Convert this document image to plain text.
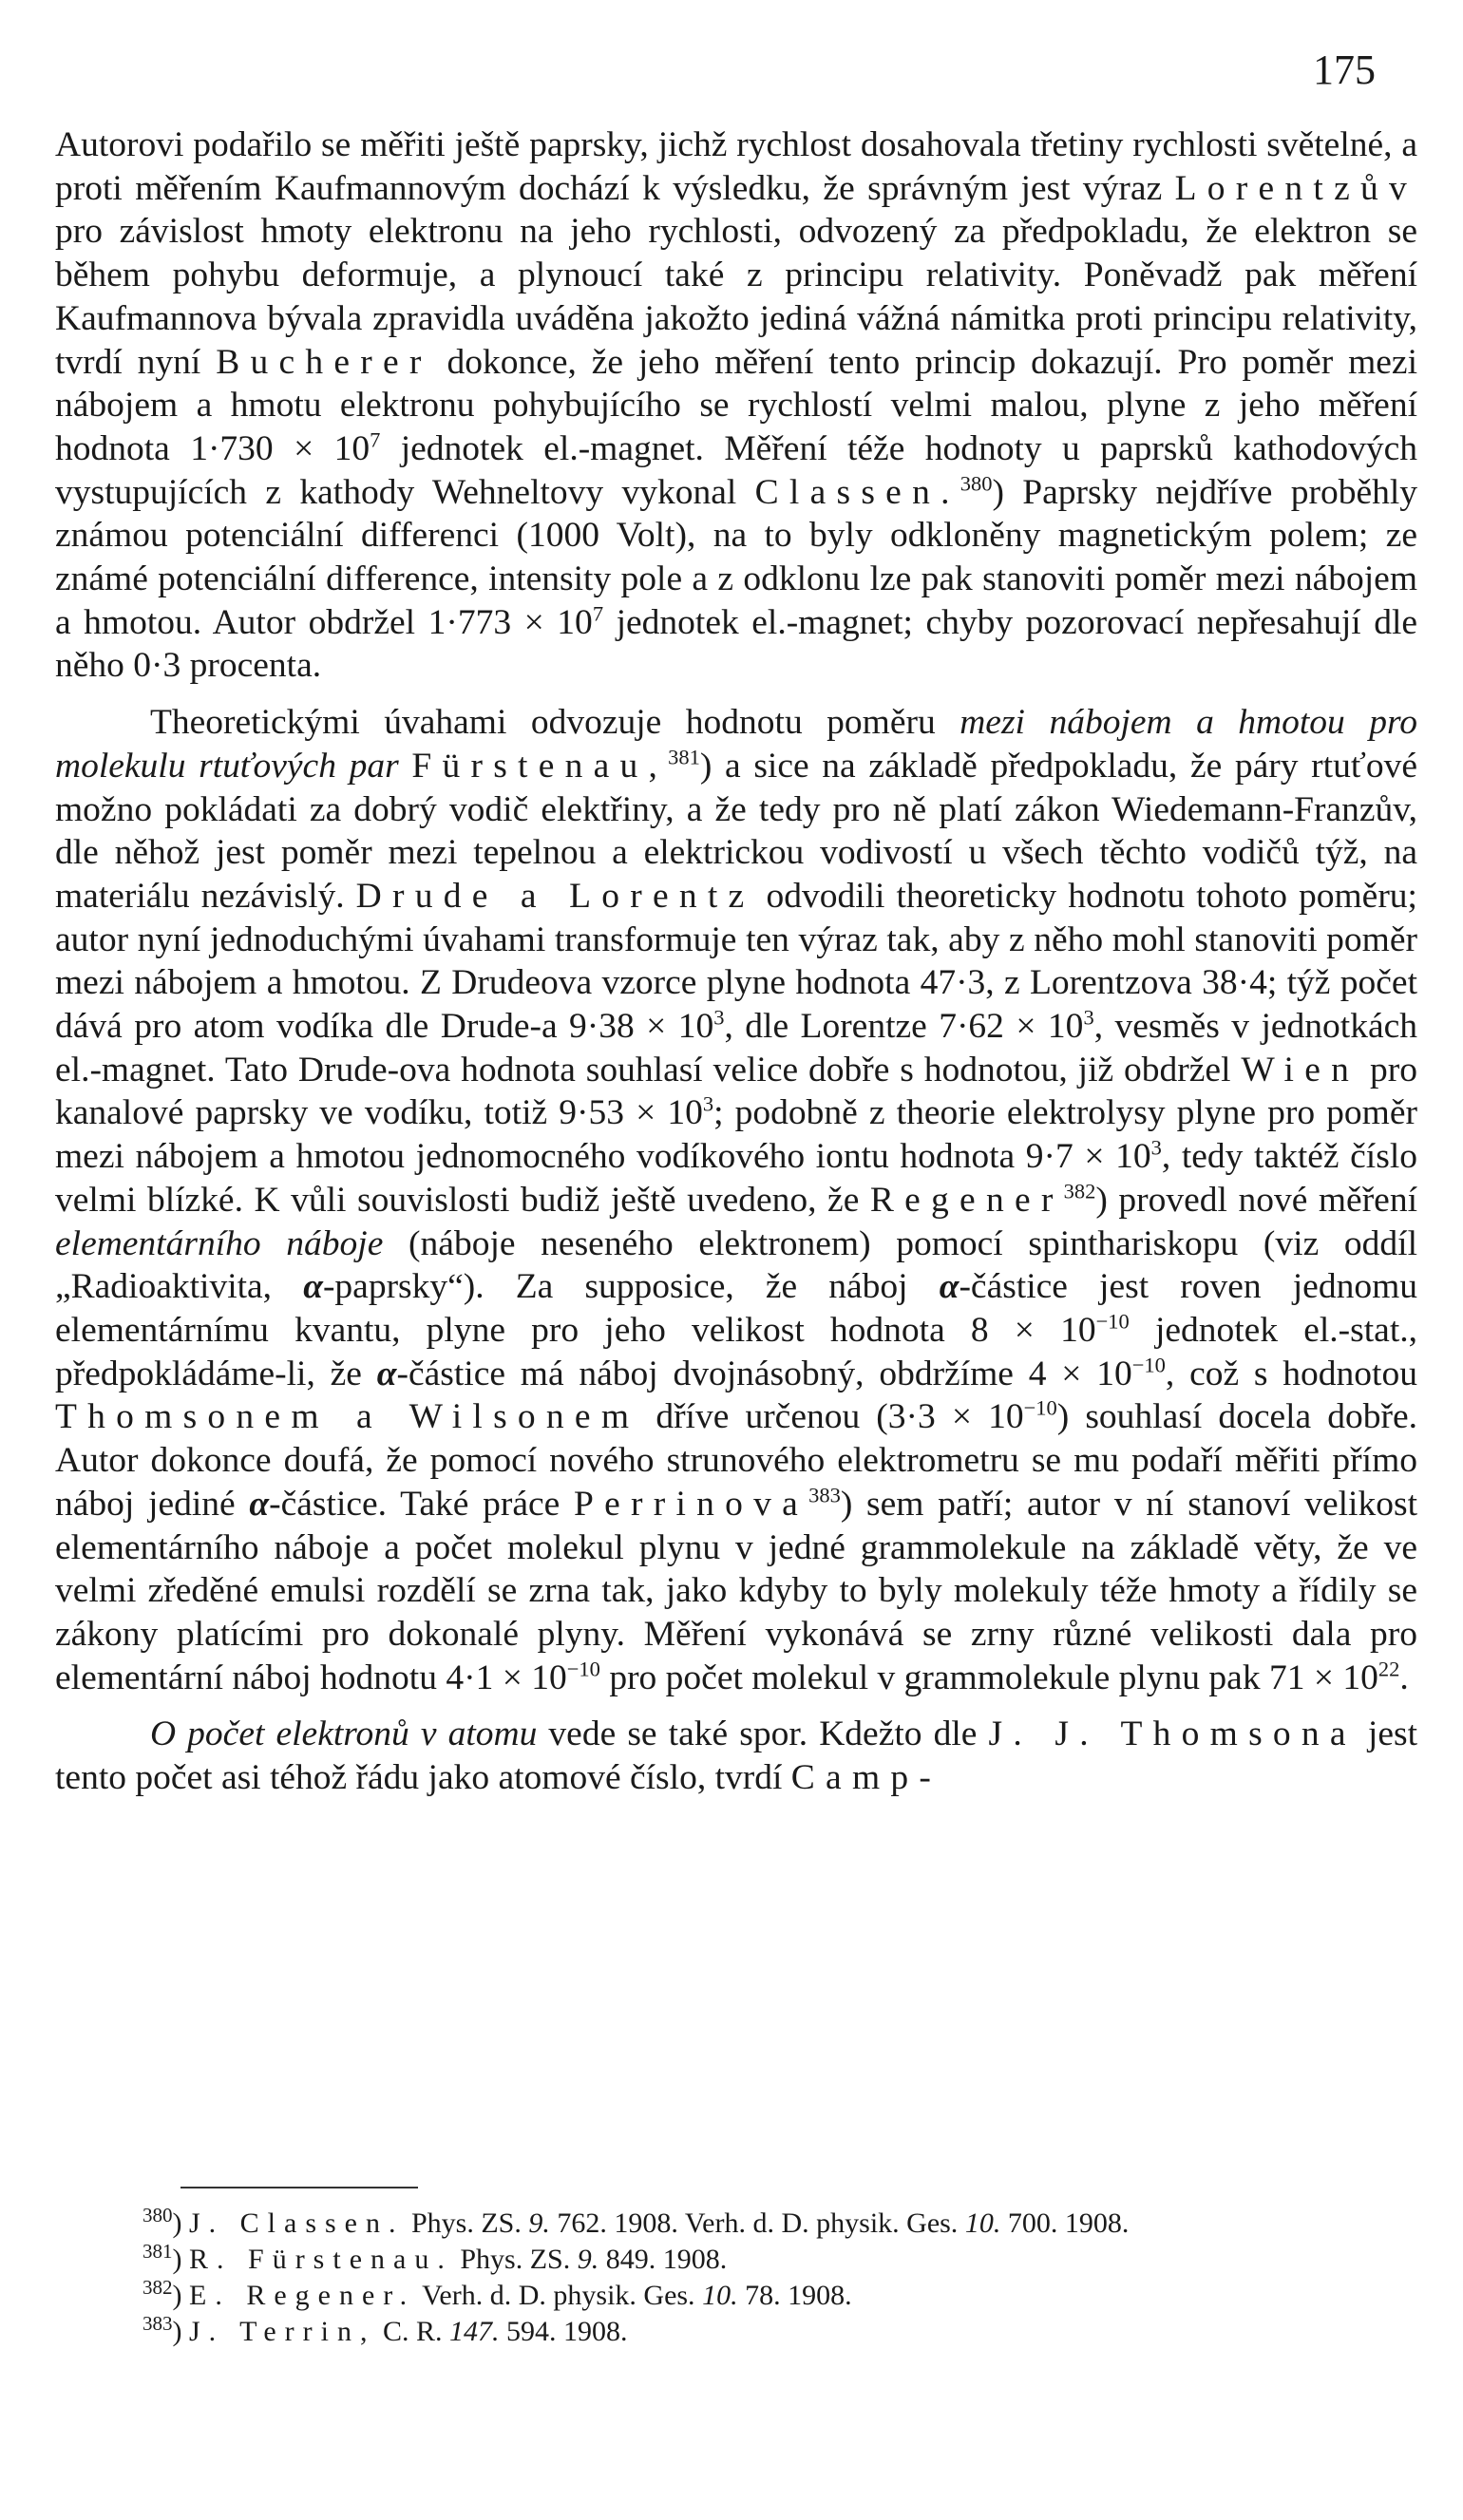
175

Autorovi podařilo se měřiti ještě paprsky, jichž rychlost dosahovala třetiny rychlosti světelné, a proti měřením Kaufmannovým dochází k výsledku, že správným jest výraz Lorentzův pro závislost hmoty elektronu na jeho rychlosti, odvozený za předpokladu, že elektron se během pohybu deformuje, a plynoucí také z principu relativity. Poněvadž pak měření Kaufmannova bývala zpravidla uváděna jakožto jediná vážná námitka proti principu relativity, tvrdí nyní Bucherer dokonce, že jeho měření tento princip dokazují. Pro poměr mezi nábojem a hmotu elektronu pohybujícího se rychlostí velmi malou, plyne z jeho měření hodnota $1\cdot 730 \times 10^7$ jednotek el.-magnet. Měření téže hodnoty u paprsků kathodových vystupujících z kathody Wehneltovy vykonal Classen.$^{380}$) Paprsky nejdříve proběhly známou potenciální differenci (1000 Volt), na to byly odkloněny magnetickým polem; ze známé potenciální difference, intensity pole a z odklonu lze pak stanoviti poměr mezi nábojem a hmotou. Autor obdržel $1\cdot 773 \times 10^7$ jednotek el.-magnet; chyby pozorovací nepřesahují dle něho 0·3 procenta.

Theoretickými úvahami odvozuje hodnotu poměru mezi nábojem a hmotou pro molekulu rtuťových par Fürstenau,$^{381}$) a sice na základě předpokladu, že páry rtuťové možno pokládati za dobrý vodič elektřiny, a že tedy pro ně platí zákon Wiedemann-Franzův, dle něhož jest poměr mezi tepelnou a elektrickou vodivostí u všech těchto vodičů týž, na materiálu nezávislý. Drude a Lorentz odvodili theoreticky hodnotu tohoto poměru; autor nyní jednoduchými úvahami transformuje ten výraz tak, aby z něho mohl stanoviti poměr mezi nábojem a hmotou. Z Drudeova vzorce plyne hodnota 47·3, z Lorentzova 38·4; týž počet dává pro atom vodíka dle Drude-a $9\cdot 38 \times 10^3$, dle Lorentze $7\cdot 62 \times 10^3$, vesměs v jednotkách el.-magnet. Tato Drude-ova hodnota souhlasí velice dobře s hodnotou, již obdržel Wien pro kanalové paprsky ve vodíku, totiž $9\cdot 53 \times 10^3$; podobně z theorie elektrolysy plyne pro poměr mezi nábojem a hmotou jednomocného vodíkového iontu hodnota $9\cdot 7 \times 10^3$, tedy taktéž číslo velmi blízké. K vůli souvislosti budiž ještě uvedeno, že Regener$^{382}$) provedl nové měření elementárního náboje (náboje neseného elektronem) pomocí spinthariskopu (viz oddíl „Radioaktivita, α-paprsky“). Za supposice, že náboj α-částice jest roven jednomu elementárnímu kvantu, plyne pro jeho velikost hodnota $8 \times 10^{-10}$ jednotek el.-stat., předpokládáme-li, že α-částice má náboj dvojnásobný, obdržíme $4 \times 10^{-10}$, což s hodnotou Thomsonem a Wilsonem dříve určenou $(3\cdot 3 \times 10^{-10})$ souhlasí docela dobře. Autor dokonce doufá, že pomocí nového strunového elektrometru se mu podaří měřiti přímo náboj jediné α-částice. Také práce Perrinova$^{383}$) sem patří; autor v ní stanoví velikost elementárního náboje a počet molekul plynu v jedné grammolekule na základě věty, že ve velmi zředěné emulsi rozdělí se zrna tak, jako kdyby to byly molekuly téže hmoty a řídily se zákony platícími pro dokonalé plyny. Měření vykonává se zrny různé velikosti dala pro elementární náboj hodnotu $4\cdot 1 \times 10^{-10}$ pro počet molekul v grammolekule plynu pak $71 \times 10^{22}$.

O počet elektronů v atomu vede se také spor. Kdežto dle J. J. Thomsona jest tento počet asi téhož řádu jako atomové číslo, tvrdí Camp-

$^{380}$) J. Classen. Phys. ZS. 9. 762. 1908. Verh. d. D. physik. Ges. 10. 700. 1908.

$^{381}$) R. Fürstenau. Phys. ZS. 9. 849. 1908.

$^{382}$) E. Regener. Verh. d. D. physik. Ges. 10. 78. 1908.

$^{383}$) J. Terrin, C. R. 147. 594. 1908.
